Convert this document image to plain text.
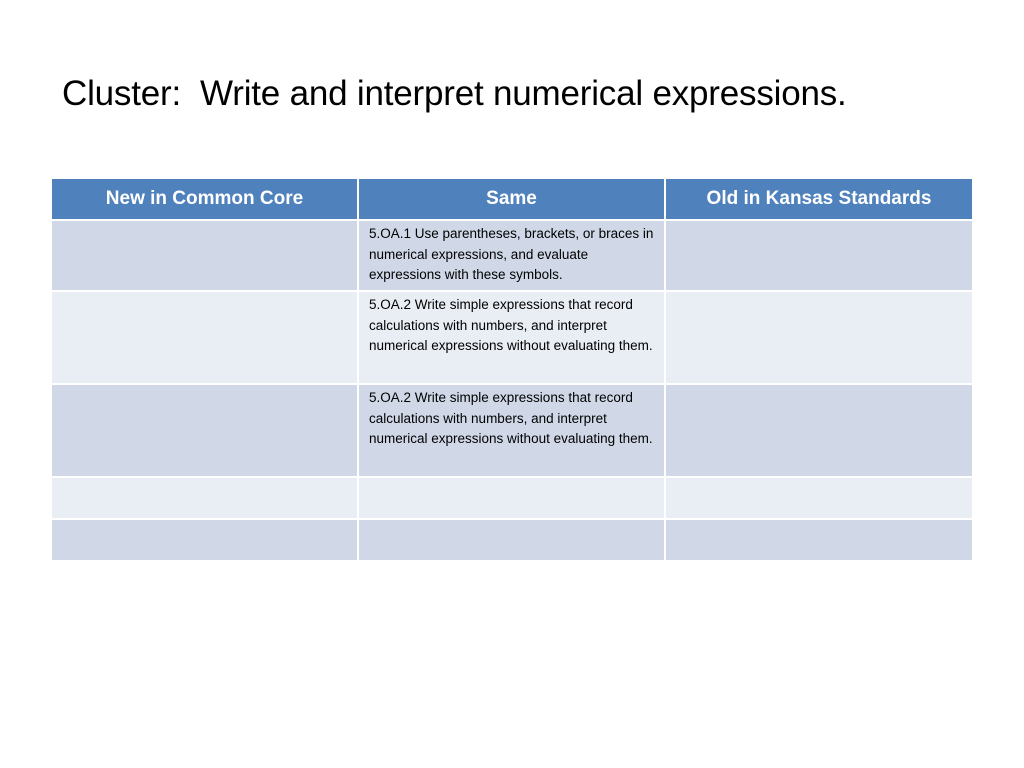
Cluster:  Write and interpret numerical expressions.
New in Common Core	Same	Old in Kansas Standards
	5.OA.1 Use parentheses, brackets, or braces in numerical expressions, and evaluate expressions with these symbols.	
	5.OA.2 Write simple expressions that record calculations with numbers, and interpret numerical expressions without evaluating them.	
	5.OA.2 Write simple expressions that record calculations with numbers, and interpret numerical expressions without evaluating them.	
